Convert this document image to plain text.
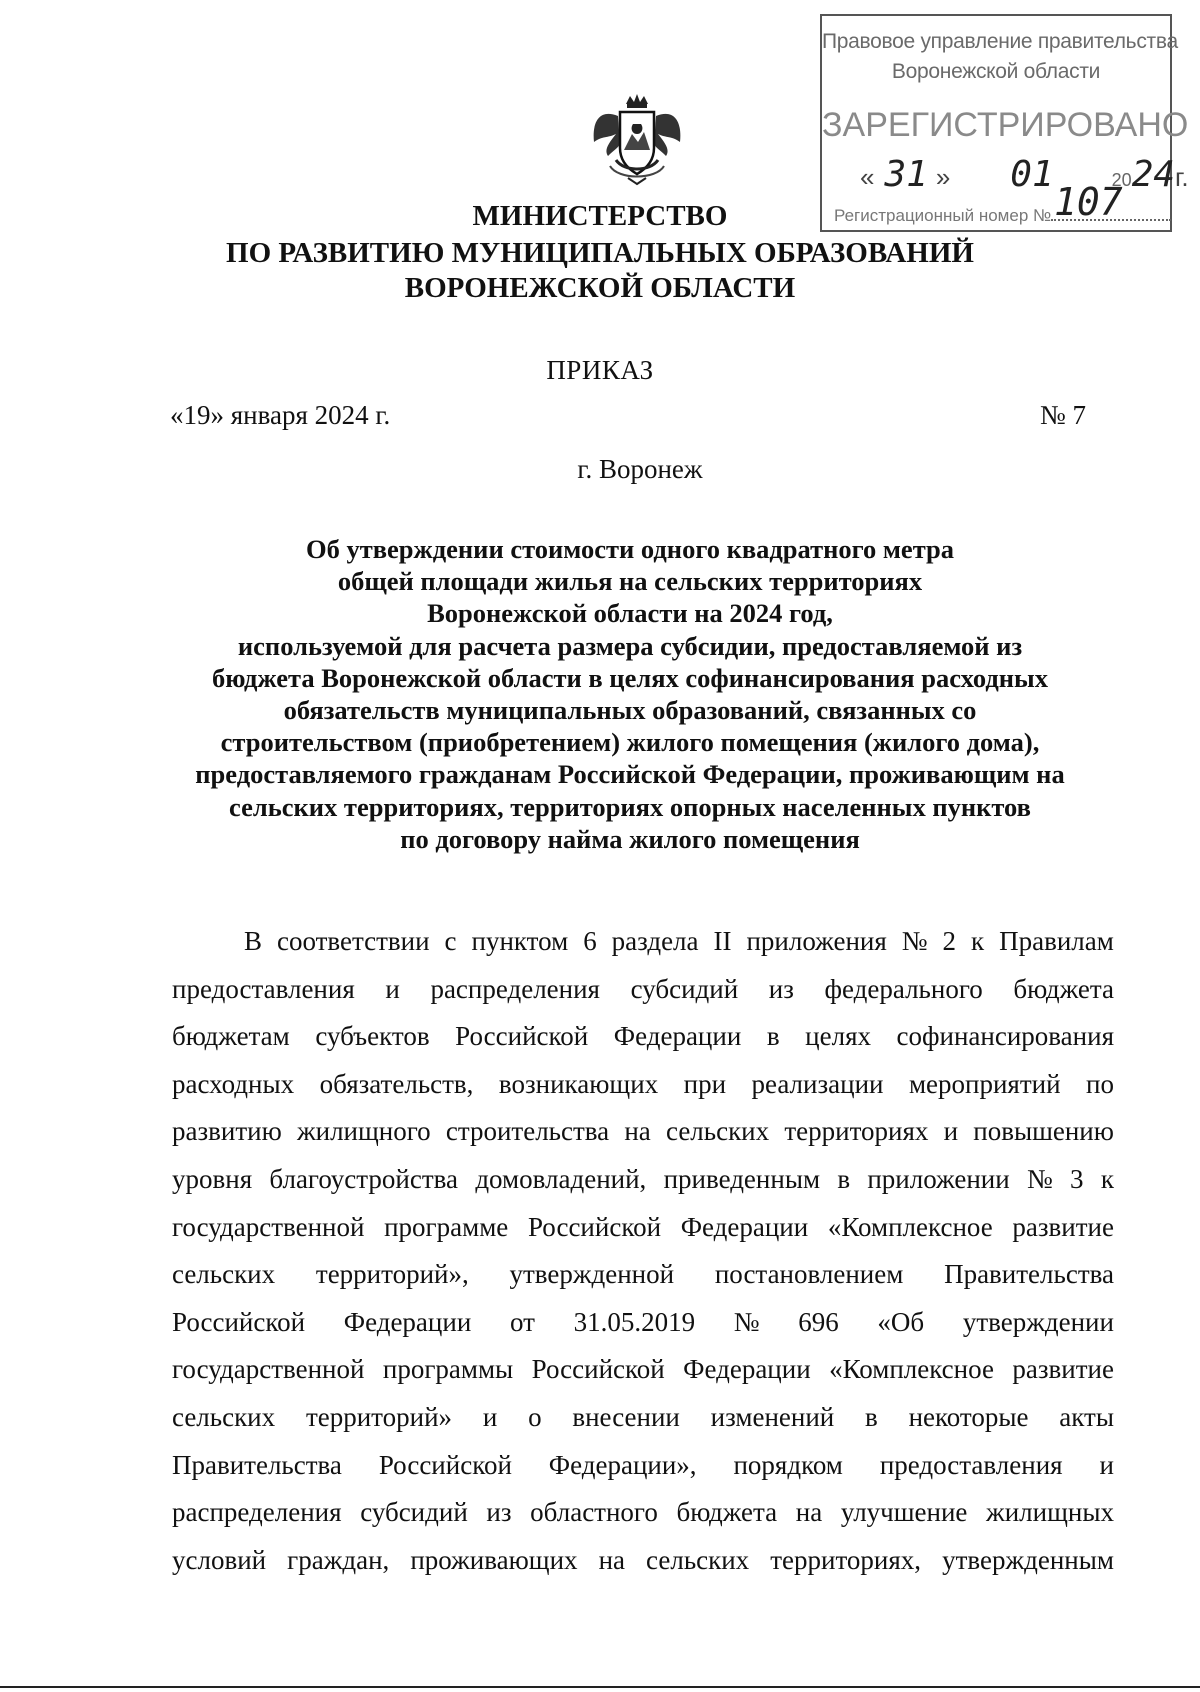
Правовое управление правительства
Воронежской области
ЗАРЕГИСТРИРОВАНО
« 31 » 01	2024г.
Регистрационный номер № 107
МИНИСТЕРСТВО
ПО РАЗВИТИЮ МУНИЦИПАЛЬНЫХ ОБРАЗОВАНИЙ
ВОРОНЕЖСКОЙ ОБЛАСТИ
ПРИКАЗ
«19» января 2024 г.	№ 7
г. Воронеж
Об утверждении стоимости одного квадратного метра
общей площади жилья на сельских территориях
Воронежской области на 2024 год,
используемой для расчета размера субсидии, предоставляемой из
бюджета Воронежской области в целях софинансирования расходных
обязательств муниципальных образований, связанных со
строительством (приобретением) жилого помещения (жилого дома),
предоставляемого гражданам Российской Федерации, проживающим на
сельских территориях, территориях опорных населенных пунктов
по договору найма жилого помещения
В соответствии с пунктом 6 раздела II приложения № 2 к Правилам
предоставления и распределения субсидий из федерального бюджета
бюджетам субъектов Российской Федерации в целях софинансирования
расходных обязательств, возникающих при реализации мероприятий по
развитию жилищного строительства на сельских территориях и повышению
уровня благоустройства домовладений, приведенным в приложении № 3 к
государственной программе Российской Федерации «Комплексное развитие
сельских территорий», утвержденной постановлением Правительства
Российской Федерации от 31.05.2019 № 696 «Об утверждении
государственной программы Российской Федерации «Комплексное развитие
сельских территорий» и о внесении изменений в некоторые акты
Правительства Российской Федерации», порядком предоставления и
распределения субсидий из областного бюджета на улучшение жилищных
условий граждан, проживающих на сельских территориях, утвержденным
